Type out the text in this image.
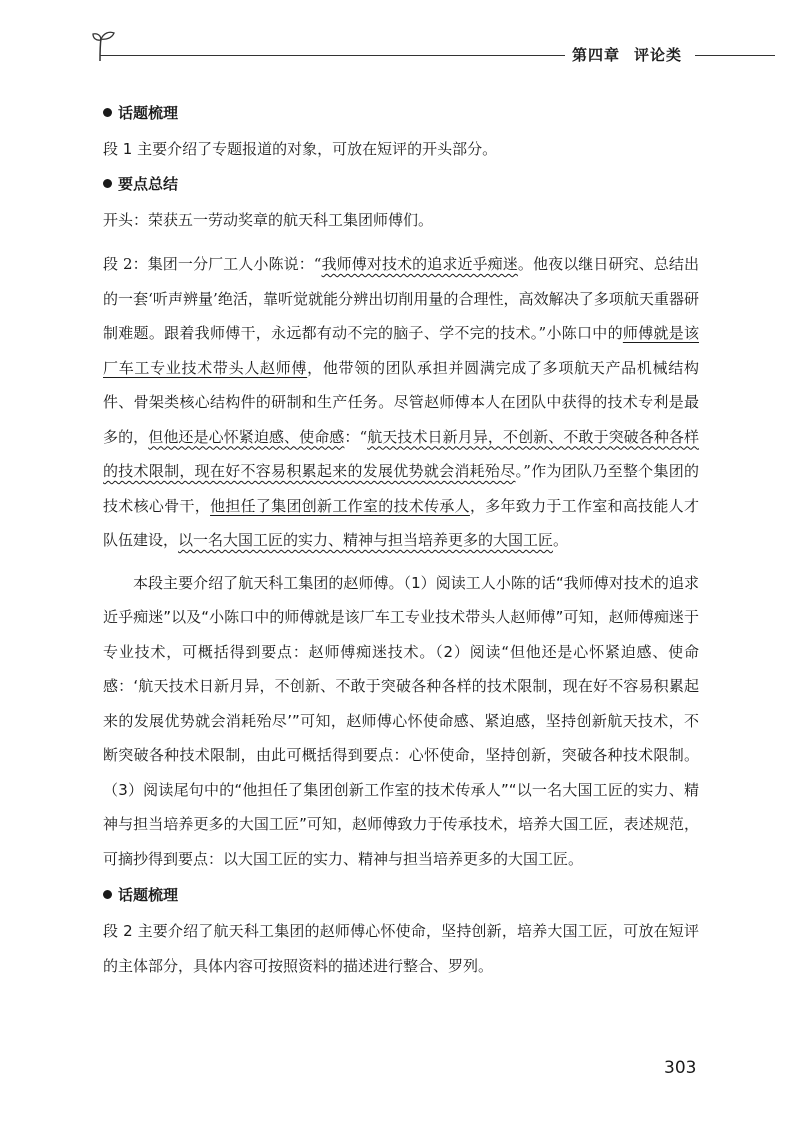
第四章 评论类

话题梳理

段 1 主要介绍了专题报道的对象，可放在短评的开头部分。

要点总结

开头：荣获五一劳动奖章的航天科工集团师傅们。

段 2：集团一分厂工人小陈说：“我师傅对技术的追求近乎痴迷。他夜以继日研究、总结出的一套‘听声辨量’绝活，靠听觉就能分辨出切削用量的合理性，高效解决了多项航天重器研制难题。跟着我师傅干，永远都有动不完的脑子、学不完的技术。”小陈口中的师傅就是该厂车工专业技术带头人赵师傅，他带领的团队承担并圆满完成了多项航天产品机械结构件、骨架类核心结构件的研制和生产任务。尽管赵师傅本人在团队中获得的技术专利是最多的，但他还是心怀紧迫感、使命感：“航天技术日新月异，不创新、不敢于突破各种各样的技术限制，现在好不容易积累起来的发展优势就会消耗殆尽。”作为团队乃至整个集团的技术核心骨干，他担任了集团创新工作室的技术传承人，多年致力于工作室和高技能人才队伍建设，以一名大国工匠的实力、精神与担当培养更多的大国工匠。

本段主要介绍了航天科工集团的赵师傅。（1）阅读工人小陈的话“我师傅对技术的追求近乎痴迷”以及“小陈口中的师傅就是该厂车工专业技术带头人赵师傅”可知，赵师傅痴迷于专业技术，可概括得到要点：赵师傅痴迷技术。（2）阅读“但他还是心怀紧迫感、使命感：‘航天技术日新月异，不创新、不敢于突破各种各样的技术限制，现在好不容易积累起来的发展优势就会消耗殆尽’”可知，赵师傅心怀使命感、紧迫感，坚持创新航天技术，不断突破各种技术限制，由此可概括得到要点：心怀使命，坚持创新，突破各种技术限制。（3）阅读尾句中的“他担任了集团创新工作室的技术传承人”“以一名大国工匠的实力、精神与担当培养更多的大国工匠”可知，赵师傅致力于传承技术，培养大国工匠，表述规范，可摘抄得到要点：以大国工匠的实力、精神与担当培养更多的大国工匠。

话题梳理

段 2 主要介绍了航天科工集团的赵师傅心怀使命，坚持创新，培养大国工匠，可放在短评的主体部分，具体内容可按照资料的描述进行整合、罗列。

303
